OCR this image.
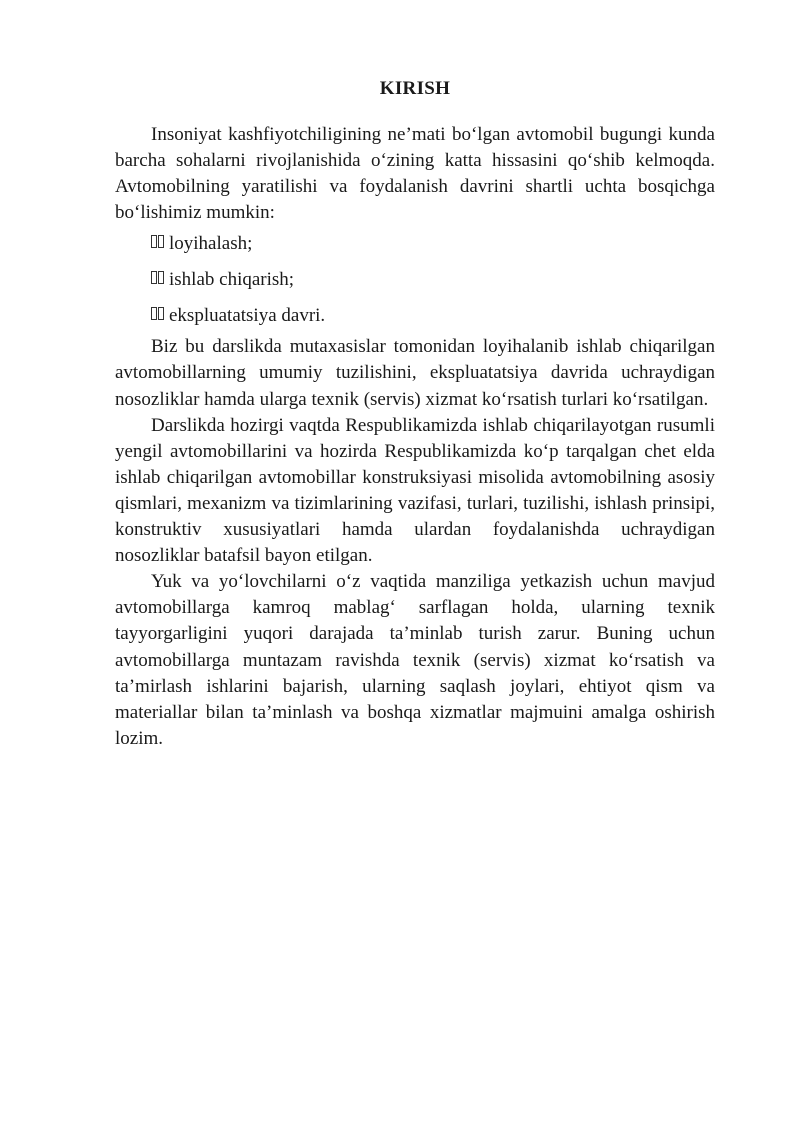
KIRISH

Insoniyat kashfiyotchiligining ne’mati bo‘lgan avtomobil bugungi kunda barcha sohalarni rivojlanishida o‘zining katta hissasini qo‘shib kelmoqda. Avtomobilning yaratilishi va foydalanish davrini shartli uchta bosqichga bo‘lishimiz mumkin:

loyihalash;
ishlab chiqarish;
ekspluatatsiya davri.

Biz bu darslikda mutaxasislar tomonidan loyihalanib ishlab chiqarilgan avtomobillarning umumiy tuzilishini, ekspluatatsiya davrida uchraydigan nosozliklar hamda ularga texnik (servis) xizmat ko‘rsatish turlari ko‘rsatilgan.

Darslikda hozirgi vaqtda Respublikamizda ishlab chiqarilayotgan rusumli yengil avtomobillarini va hozirda Respublikamizda ko‘p tarqalgan chet elda ishlab chiqarilgan avtomobillar konstruksiyasi misolida avtomobilning asosiy qismlari, mexanizm va tizimlarining vazifasi, turlari, tuzilishi, ishlash prinsipi, konstruktiv xususiyatlari hamda ulardan foydalanishda uchraydigan nosozliklar batafsil bayon etilgan.

Yuk va yo‘lovchilarni o‘z vaqtida manziliga yetkazish uchun mavjud avtomobillarga kamroq mablag‘ sarflagan holda, ularning texnik tayyorgarligini yuqori darajada ta’minlab turish zarur. Buning uchun avtomobillarga muntazam ravishda texnik (servis) xizmat ko‘rsatish va ta’mirlash ishlarini bajarish, ularning saqlash joylari, ehtiyot qism va materiallar bilan ta’minlash va boshqa xizmatlar majmuini amalga oshirish lozim.
